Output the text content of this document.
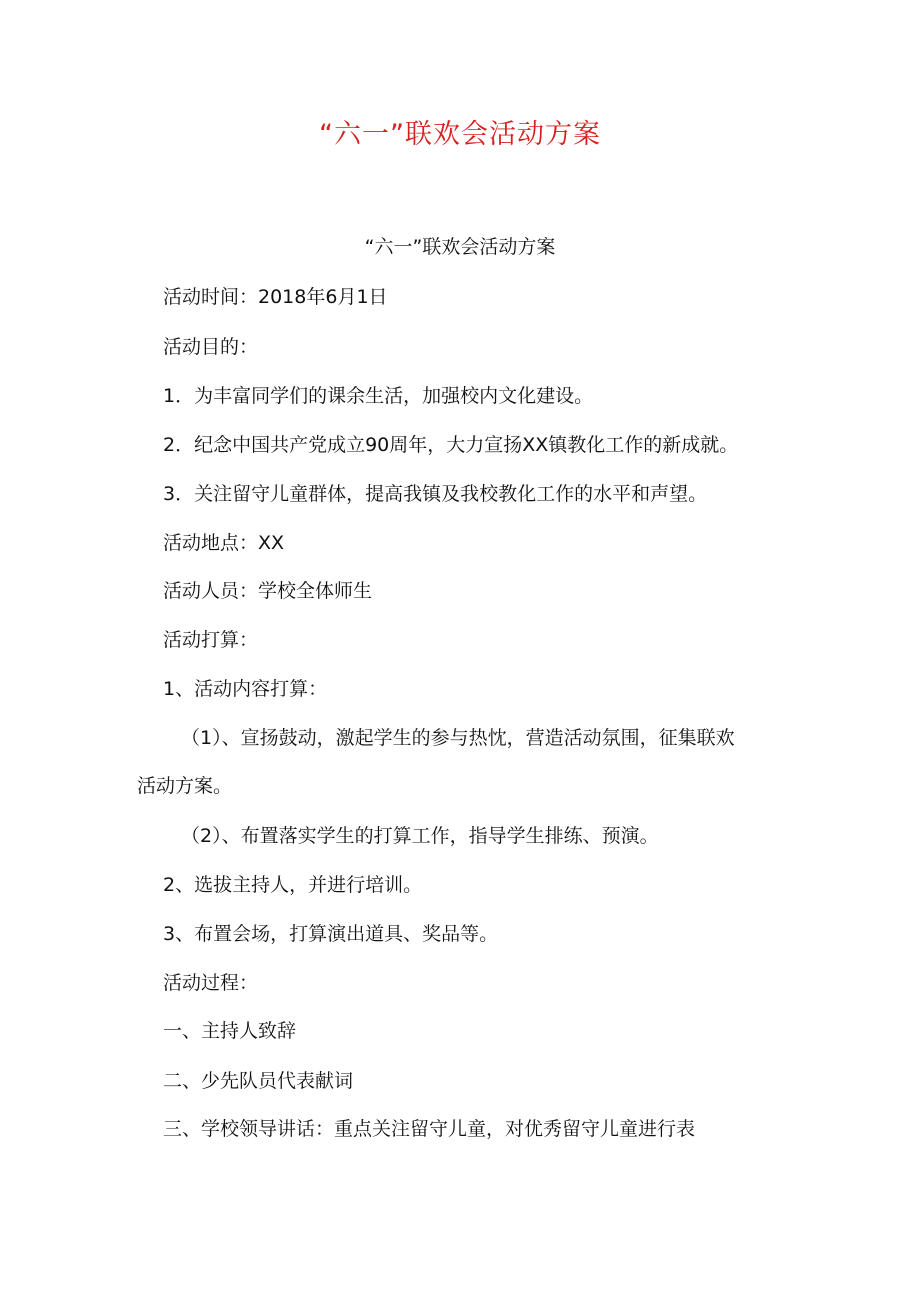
“六一”联欢会活动方案
“六一”联欢会活动方案
活动时间：2018年6月1日
活动目的：
1．为丰富同学们的课余生活，加强校内文化建设。
2．纪念中国共产党成立90周年，大力宣扬XX镇教化工作的新成就。
3．关注留守儿童群体，提高我镇及我校教化工作的水平和声望。
活动地点：XX
活动人员：学校全体师生
活动打算：
1、活动内容打算：
（1）、宣扬鼓动，激起学生的参与热忱，营造活动氛围，征集联欢
活动方案。
（2）、布置落实学生的打算工作，指导学生排练、预演。
2、选拔主持人，并进行培训。
3、布置会场，打算演出道具、奖品等。
活动过程：
一、主持人致辞
二、少先队员代表献词
三、学校领导讲话：重点关注留守儿童，对优秀留守儿童进行表
